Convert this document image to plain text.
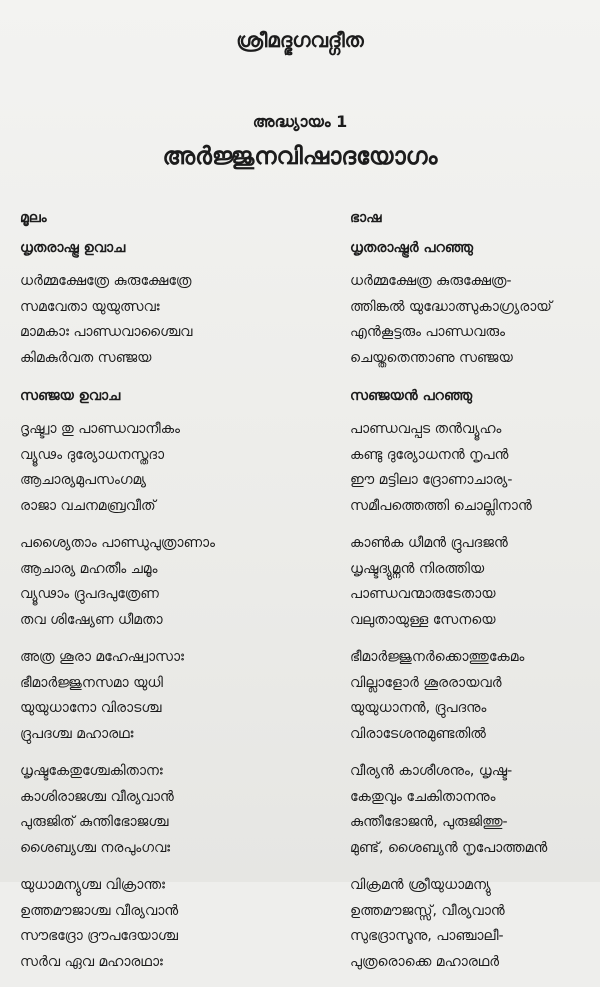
ശ്രീമദ്ഭഗവദ്ഗീത
അദ്ധ്യായം 1
അർജ്ജുനവിഷാദയോഗം
മൂലം
ധൃതരാഷ്ട്ര ഉവാച
ധർമ്മക്ഷേത്രേ കുരുക്ഷേത്രേ
സമവേതാ യുയുത്സവഃ
മാമകാഃ പാണ്ഡവാശ്ചൈവ
കിമകുർവത സഞ്ജയ
സഞ്ജയ ഉവാച
ദൃഷ്ട്വാ തു പാണ്ഡവാനീകം
വ്യൂഢം ദുര്യോധനസ്തദാ
ആചാര്യമുപസംഗമ്യ
രാജാ വചനമബ്രവീത്
പശ്യൈതാം പാണ്ഡുപുത്രാണാം
ആചാര്യ മഹതീം ചമൂം
വ്യൂഢാം ദ്രുപദപുത്രേണ
തവ ശിഷ്യേണ ധീമതാ
അത്ര ശൂരാ മഹേഷ്വാസാഃ
ഭീമാർജ്ജുനസമാ യുധി
യുയുധാനോ വിരാടശ്ച
ദ്രുപദശ്ച മഹാരഥഃ
ധൃഷ്ടകേതുശ്ചേകിതാനഃ
കാശിരാജശ്ച വീര്യവാൻ
പുരുജിത് കുന്തിഭോജശ്ച
ശൈബ്യശ്ച നരപുംഗവഃ
യുധാമന്യുശ്ച വിക്രാന്തഃ
ഉത്തമൗജാശ്ച വീര്യവാൻ
സൗഭദ്രോ ദ്രൗപദേയാശ്ച
സർവ ഏവ മഹാരഥാഃ
ഭാഷ
ധൃതരാഷ്ട്രർ പറഞ്ഞു
ധർമ്മക്ഷേത്ര കുരുക്ഷേത്ര-
ത്തിങ്കൽ യുദ്ധോത്സുകാഗ്ര്യരായ്
എൻകൂട്ടരും പാണ്ഡവരും
ചെയ്തതെന്താണു സഞ്ജയ
സഞ്ജയൻ പറഞ്ഞു
പാണ്ഡവപ്പട തൻവ്യൂഹം
കണ്ടു ദുര്യോധനൻ നൃപൻ
ഈ മട്ടിലാ ദ്രോണാചാര്യ-
സമീപത്തെത്തി ചൊല്ലിനാൻ
കാൺക ധീമൻ ദ്രുപദജൻ
ധൃഷ്ടദ്യുമ്നൻ നിരത്തിയ
പാണ്ഡവന്മാരുടേതായ
വലുതായുള്ള സേനയെ
ഭീമാർജ്ജുനർക്കൊത്തുകേമം
വില്ലാളോർ ശൂരരായവർ
യുയുധാനൻ, ദ്രുപദനും
വിരാടേശനുമുണ്ടതിൽ
വീര്യൻ കാശീശനും, ധൃഷ്ട-
കേതുവും ചേകിതാനനും
കുന്തീഭോജൻ, പുരുജിത്തു-
മുണ്ട്, ശൈബ്യൻ നൃപോത്തമൻ
വിക്രമൻ ശ്രീയുധാമന്യു
ഉത്തമൗജസ്സ്, വീര്യവാൻ
സുഭദ്രാസൂനു, പാഞ്ചാലീ-
പുത്രരൊക്കെ മഹാരഥർ
